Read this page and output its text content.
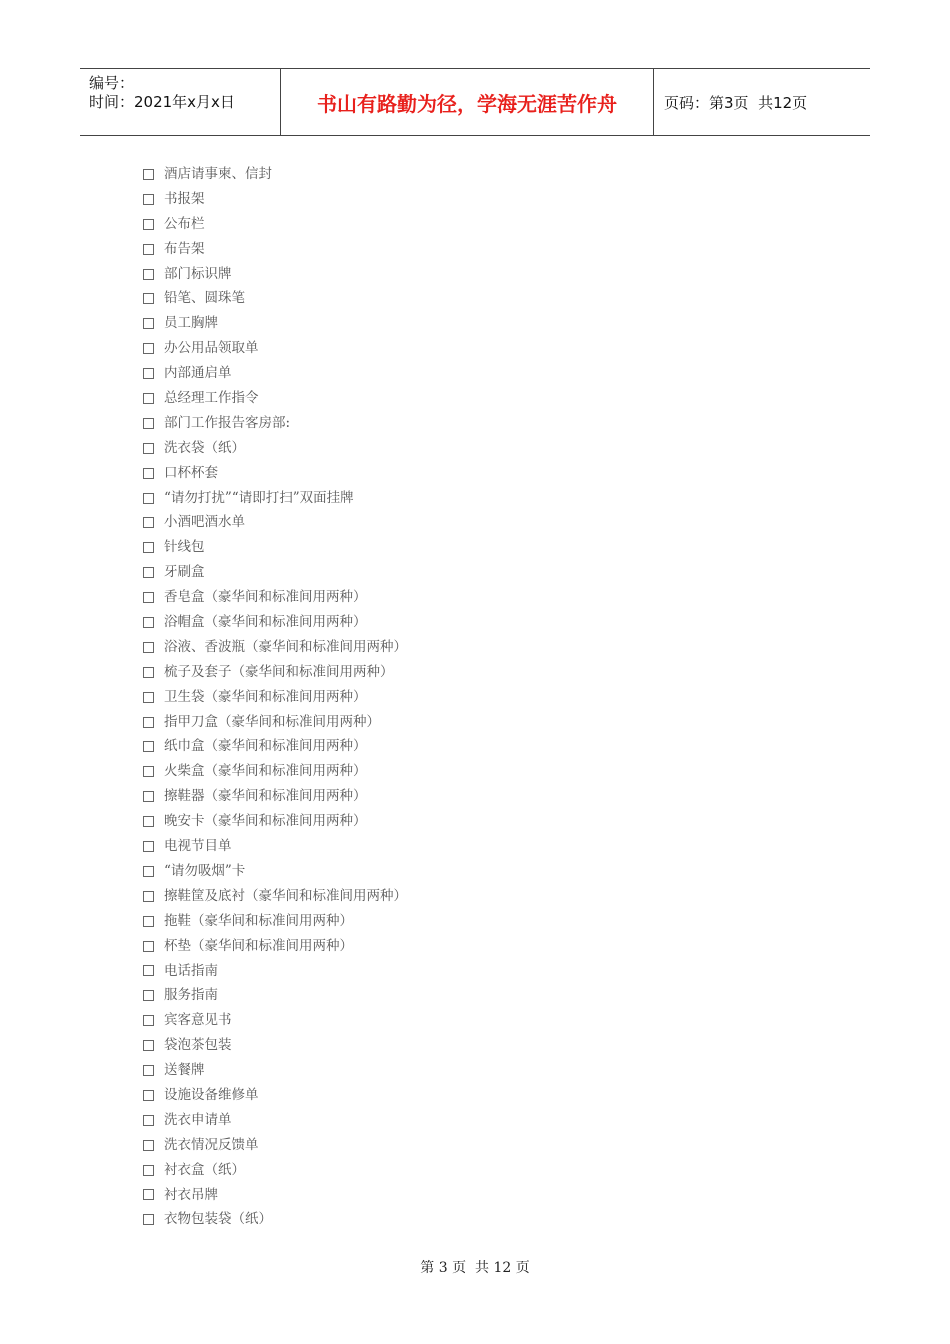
编号：
时间：2021年x月x日	书山有路勤为径，学海无涯苦作舟	页码：第3页  共12页
酒店请事柬、信封
书报架
公布栏
布告架
部门标识牌
铅笔、圆珠笔
员工胸牌
办公用品领取单
内部通启单
总经理工作指令
部门工作报告客房部:
洗衣袋（纸）
口杯杯套
“请勿打扰”“请即打扫”双面挂牌
小酒吧酒水单
针线包
牙刷盒
香皂盒（豪华间和标准间用两种）
浴帽盒（豪华间和标准间用两种）
浴液、香波瓶（豪华间和标准间用两种）
梳子及套子（豪华间和标准间用两种）
卫生袋（豪华间和标准间用两种）
指甲刀盒（豪华间和标准间用两种）
纸巾盒（豪华间和标准间用两种）
火柴盒（豪华间和标准间用两种）
擦鞋器（豪华间和标准间用两种）
晚安卡（豪华间和标准间用两种）
电视节目单
“请勿吸烟”卡
擦鞋筐及底衬（豪华间和标准间用两种）
拖鞋（豪华间和标准间用两种）
杯垫（豪华间和标准间用两种）
电话指南
服务指南
宾客意见书
袋泡茶包装
送餐牌
设施设备维修单
洗衣申请单
洗衣情况反馈单
衬衣盒（纸）
衬衣吊牌
衣物包装袋（纸）
第 3 页  共 12 页
